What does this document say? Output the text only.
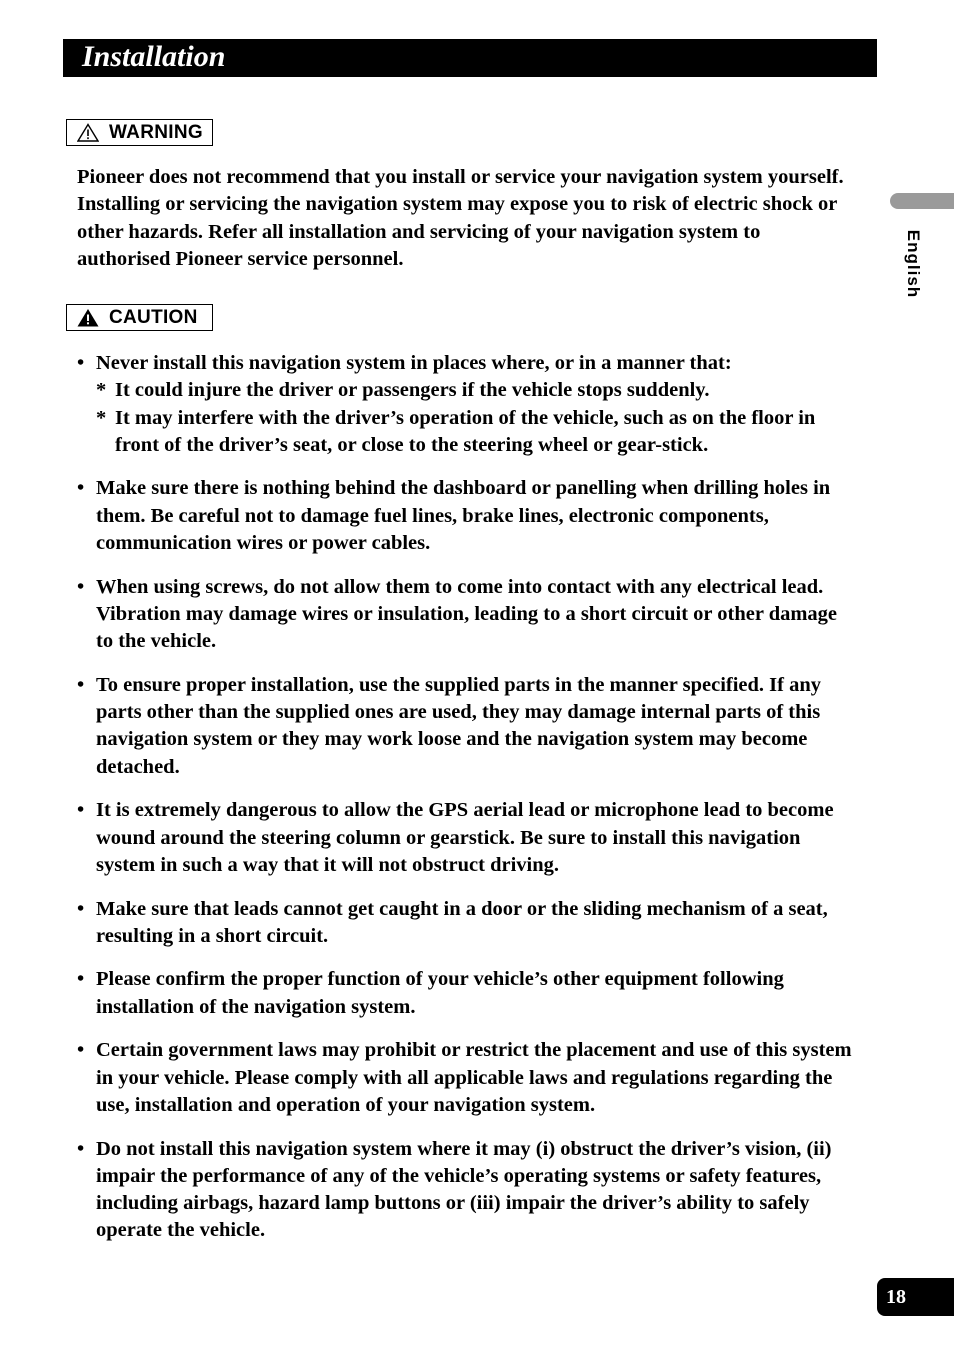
Installation
English
WARNING

Pioneer does not recommend that you install or service your navigation system yourself. Installing or servicing the navigation system may expose you to risk of electric shock or other hazards. Refer all installation and servicing of your navigation system to authorised Pioneer service personnel.

CAUTION
• Never install this navigation system in places where, or in a manner that:
* It could injure the driver or passengers if the vehicle stops suddenly.
* It may interfere with the driver’s operation of the vehicle, such as on the floor in front of the driver’s seat, or close to the steering wheel or gear-stick.
• Make sure there is nothing behind the dashboard or panelling when drilling holes in them. Be careful not to damage fuel lines, brake lines, electronic components, communication wires or power cables.
• When using screws, do not allow them to come into contact with any electrical lead. Vibration may damage wires or insulation, leading to a short circuit or other damage to the vehicle.
• To ensure proper installation, use the supplied parts in the manner specified. If any parts other than the supplied ones are used, they may damage internal parts of this navigation system or they may work loose and the navigation system may become detached.
• It is extremely dangerous to allow the GPS aerial lead or microphone lead to become wound around the steering column or gearstick. Be sure to install this navigation system in such a way that it will not obstruct driving.
• Make sure that leads cannot get caught in a door or the sliding mechanism of a seat, resulting in a short circuit.
• Please confirm the proper function of your vehicle’s other equipment following installation of the navigation system.
• Certain government laws may prohibit or restrict the placement and use of this system in your vehicle. Please comply with all applicable laws and regulations regarding the use, installation and operation of your navigation system.
• Do not install this navigation system where it may (i) obstruct the driver’s vision, (ii) impair the performance of any of the vehicle’s operating systems or safety features, including airbags, hazard lamp buttons or (iii) impair the driver’s ability to safely operate the vehicle.
18
